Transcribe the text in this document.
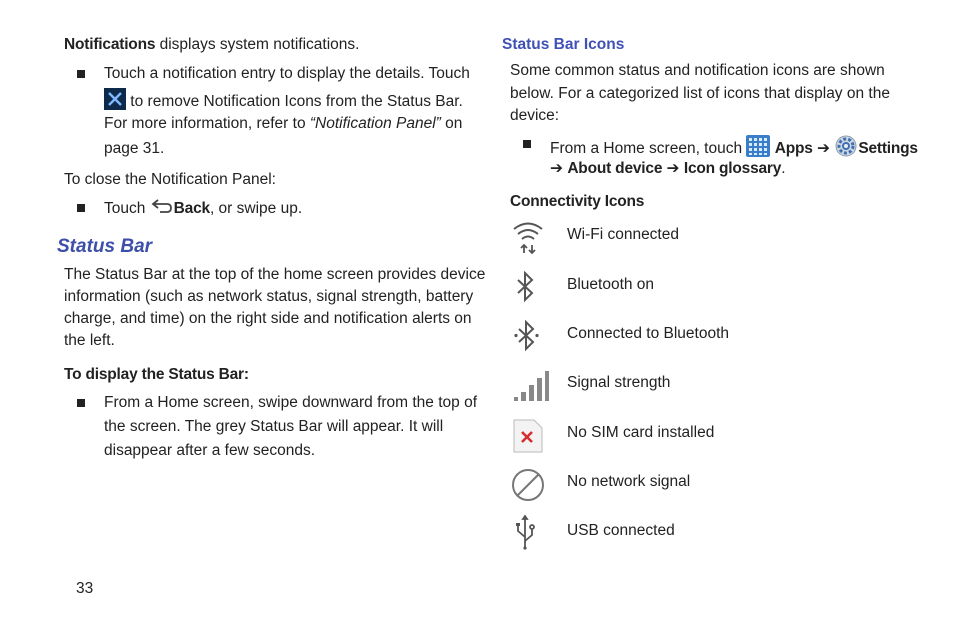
Notifications displays system notifications.
Touch a notification entry to display the details. Touch
to remove Notification Icons from the Status Bar.
For more information, refer to “Notification Panel” on
page 31.
To close the Notification Panel:
Touch Back, or swipe up.
Status Bar
The Status Bar at the top of the home screen provides device
information (such as network status, signal strength, battery
charge, and time) on the right side and notification alerts on
the left.
To display the Status Bar:
From a Home screen, swipe downward from the top of
the screen. The grey Status Bar will appear. It will
disappear after a few seconds.
Status Bar Icons
Some common status and notification icons are shown
below. For a categorized list of icons that display on the
device:
From a Home screen, touch  Apps ➔ Settings
➔ About device ➔ Icon glossary.
Connectivity Icons
Wi-Fi connected
Bluetooth on
Connected to Bluetooth
Signal strength
No SIM card installed
No network signal
USB connected
33
